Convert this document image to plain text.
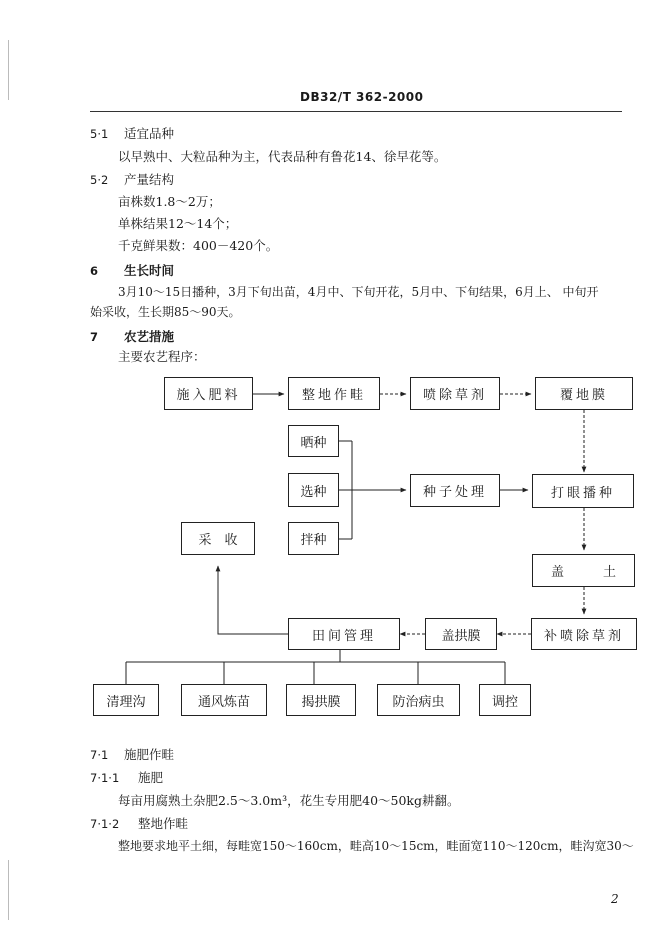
DB32/T 362-2000
5·1 适宜品种
以早熟中、大粒品种为主，代表品种有鲁花14、徐早花等。
5·2 产量结构
亩株数1.8～2万；
单株结果12～14个；
千克鲜果数：400－420个。
6 生长时间
3月10～15日播种，3月下旬出苗，4月中、下旬开花，5月中、下旬结果，6月上、 中旬开
始采收，生长期85～90天。
7 农艺措施
主要农艺程序：
施入肥料	整地作畦	喷除草剂	覆地膜
晒种
选种
拌种
种子处理	打眼播种
采　收
盖　　　土
田间管理	盖拱膜	补喷除草剂
清理沟	通风炼苗	揭拱膜	防治病虫	调控
7·1 施肥作畦
7·1·1 施肥
每亩用腐熟土杂肥2.5～3.0m³，花生专用肥40～50kg耕翻。
7·1·2 整地作畦
整地要求地平土细，每畦宽150～160cm，畦高10～15cm，畦面宽110～120cm，畦沟宽30～
2
